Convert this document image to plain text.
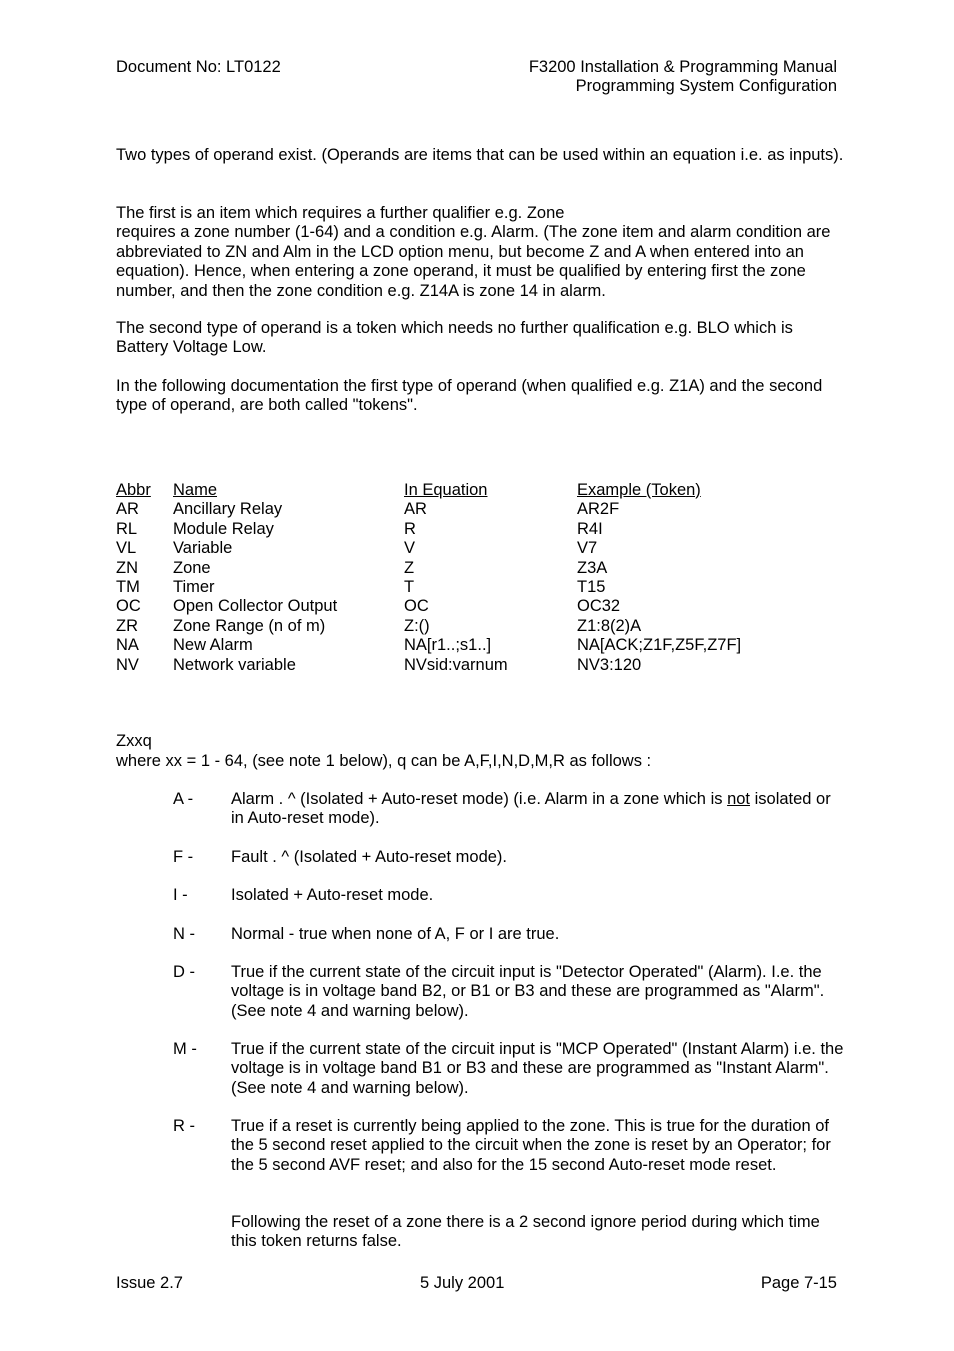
Document No: LT0122	F3200 Installation & Programming Manual
Programming System Configuration
Two types of operand exist. (Operands are items that can be used within an equation i.e. as inputs).
The first is an item which requires a further qualifier e.g. Zone
requires a zone number (1-64) and a condition e.g. Alarm. (The zone item and alarm condition are abbreviated to ZN and Alm in the LCD option menu, but become Z and A when entered into an equation). Hence, when entering a zone operand, it must be qualified by entering first the zone number, and then the zone condition e.g. Z14A is zone 14 in alarm.
The second type of operand is a token which needs no further qualification e.g. BLO which is Battery Voltage Low.
In the following documentation the first type of operand (when qualified e.g. Z1A) and the second type of operand, are both called "tokens".
Abbr	Name	In Equation	Example (Token)
AR	Ancillary Relay	AR	AR2F
RL	Module Relay	R	R4I
VL	Variable	V	V7
ZN	Zone	Z	Z3A
TM	Timer	T	T15
OC	Open Collector Output	OC	OC32
ZR	Zone Range (n of m)	Z:()	Z1:8(2)A
NA	New Alarm	NA[r1..;s1..]	NA[ACK;Z1F,Z5F,Z7F]
NV	Network variable	NVsid:varnum	NV3:120
Zxxq
where xx = 1 - 64, (see note 1 below), q can be A,F,I,N,D,M,R as follows :
A -	Alarm . ^ (Isolated + Auto-reset mode) (i.e. Alarm in a zone which is not isolated or in Auto-reset mode).
F -	Fault . ^ (Isolated + Auto-reset mode).
I -	Isolated + Auto-reset mode.
N -	Normal - true when none of A, F or I are true.
D -	True if the current state of the circuit input is "Detector Operated" (Alarm). I.e. the voltage is in voltage band B2, or B1 or B3 and these are programmed as "Alarm". (See note 4 and warning below).
M -	True if the current state of the circuit input is "MCP Operated" (Instant Alarm) i.e. the voltage is in voltage band B1 or B3 and these are programmed as "Instant Alarm". (See note 4 and warning below).
R -	True if a reset is currently being applied to the zone. This is true for the duration of the 5 second reset applied to the circuit when the zone is reset by an Operator; for the 5 second AVF reset; and also for the 15 second Auto-reset mode reset.
Following the reset of a zone there is a 2 second ignore period during which time this token returns false.
Issue 2.7	5 July 2001	Page 7-15
